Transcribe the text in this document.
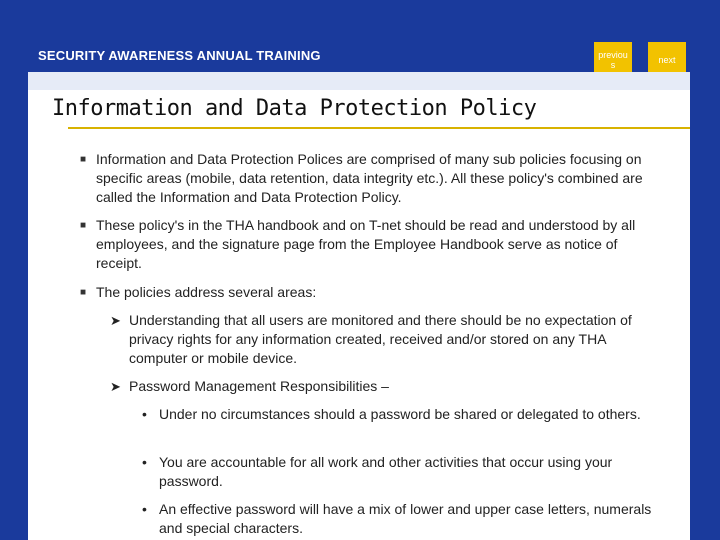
SECURITY AWARENESS ANNUAL TRAINING	previous	next
Information and Data Protection Policy
■ Information and Data Protection Polices are comprised of many sub policies focusing on specific areas (mobile, data retention, data integrity etc.). All these policy's combined are called the Information and Data Protection Policy.
■ These policy's in the THA handbook and on T-net should be read and understood by all employees, and the signature page from the Employee Handbook serve as notice of receipt.
■ The policies address several areas:
➤ Understanding that all users are monitored and there should be no expectation of privacy rights for any information created, received and/or stored on any THA computer or mobile device.
➤ Password Management Responsibilities –
• Under no circumstances should a password be shared or delegated to others.
• You are accountable for all work and other activities that occur using your password.
• An effective password will have a mix of lower and upper case letters, numerals and special characters.	4
